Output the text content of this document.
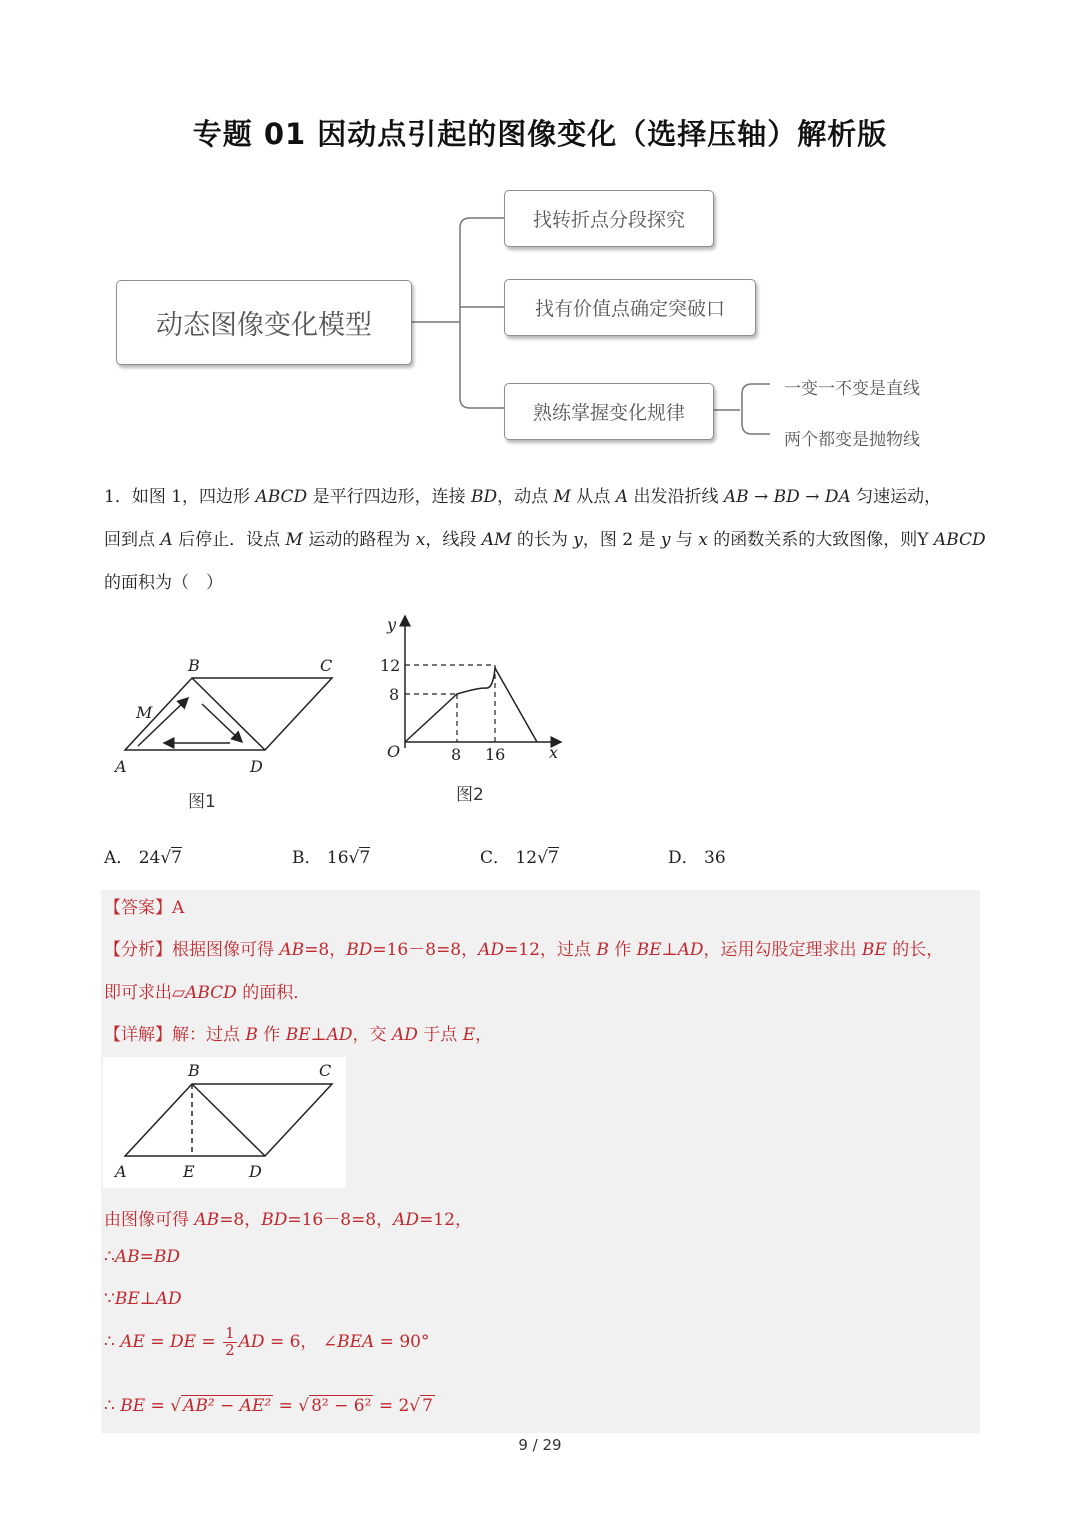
专题 01 因动点引起的图像变化（选择压轴）解析版
动态图像变化模型
找转折点分段探究
找有价值点确定突破口
熟练掌握变化规律
一变一不变是直线
两个都变是抛物线
1．如图 1，四边形 ABCD 是平行四边形，连接 BD，动点 M 从点 A 出发沿折线 AB → BD → DA 匀速运动，
回到点 A 后停止．设点 M 运动的路程为 x，线段 AM 的长为 y，图 2 是 y 与 x 的函数关系的大致图像，则Y ABCD
的面积为（　）
B	C
M
A	D
图1
y
x
O
12
8
8 16
图2
A． 24√7	B． 16√7	C． 12√7	D． 36
【答案】A
【分析】根据图像可得 AB=8，BD=16－8=8，AD=12，过点 B 作 BE⊥AD，运用勾股定理求出 BE 的长，
即可求出▱ABCD 的面积．
【详解】解：过点 B 作 BE⊥AD，交 AD 于点 E，
B	C
A	E	D
由图像可得 AB=8，BD=16－8=8，AD=12，
∴AB=BD
∵BE⊥AD
∴ AE = DE = $\frac{1}{2}$ AD = 6， ∠BEA = 90°
∴ BE = √ AB² − AE² = √ 8² − 6² = 2√ 7
9 / 29
